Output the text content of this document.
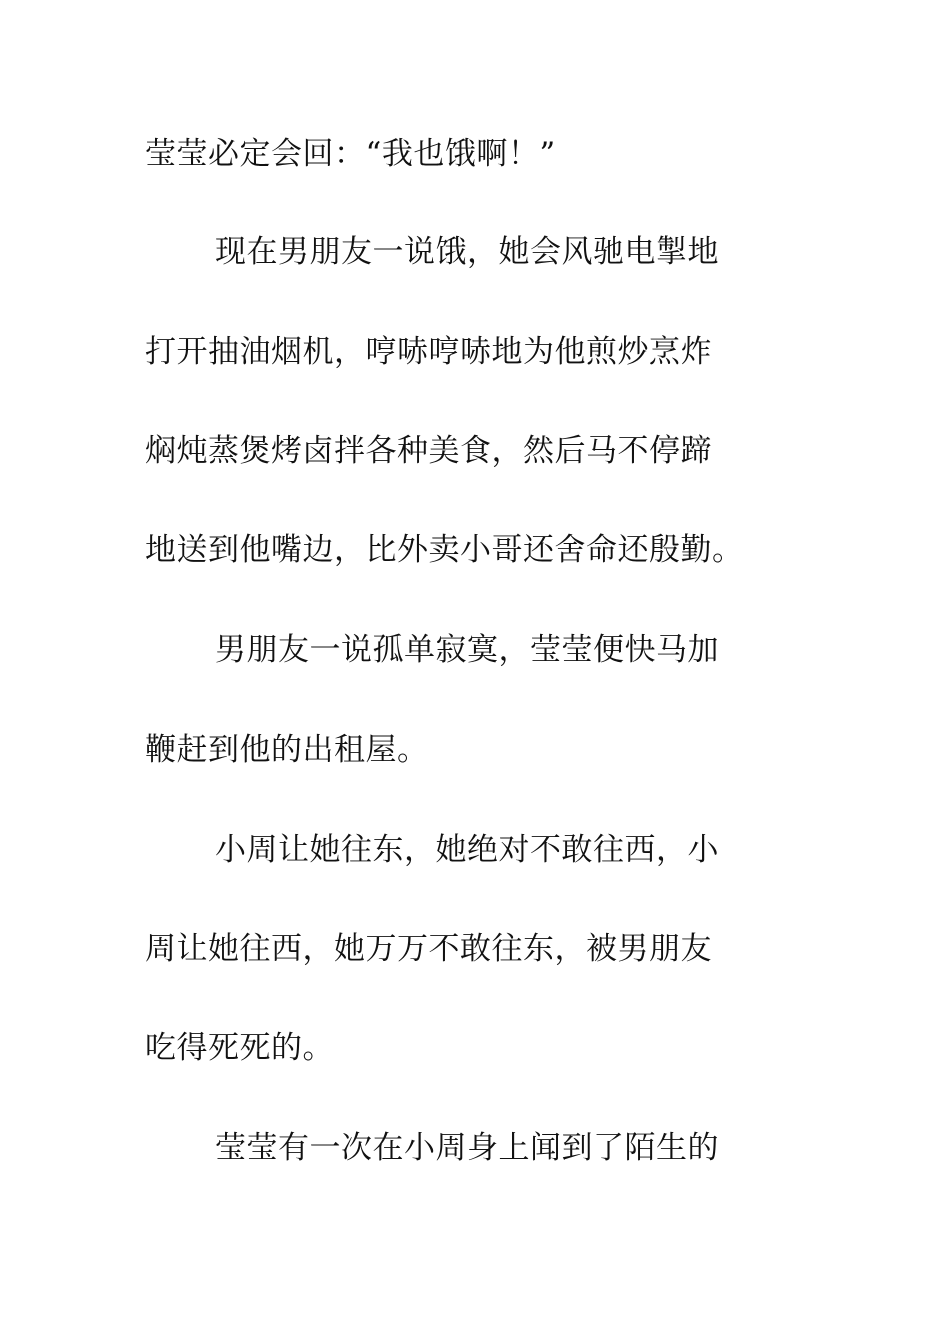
莹莹必定会回：“我也饿啊！”

现在男朋友一说饿，她会风驰电掣地

打开抽油烟机，哼哧哼哧地为他煎炒烹炸

焖炖蒸煲烤卤拌各种美食，然后马不停蹄

地送到他嘴边，比外卖小哥还舍命还殷勤。

男朋友一说孤单寂寞，莹莹便快马加

鞭赶到他的出租屋。

小周让她往东，她绝对不敢往西，小

周让她往西，她万万不敢往东，被男朋友

吃得死死的。

莹莹有一次在小周身上闻到了陌生的
